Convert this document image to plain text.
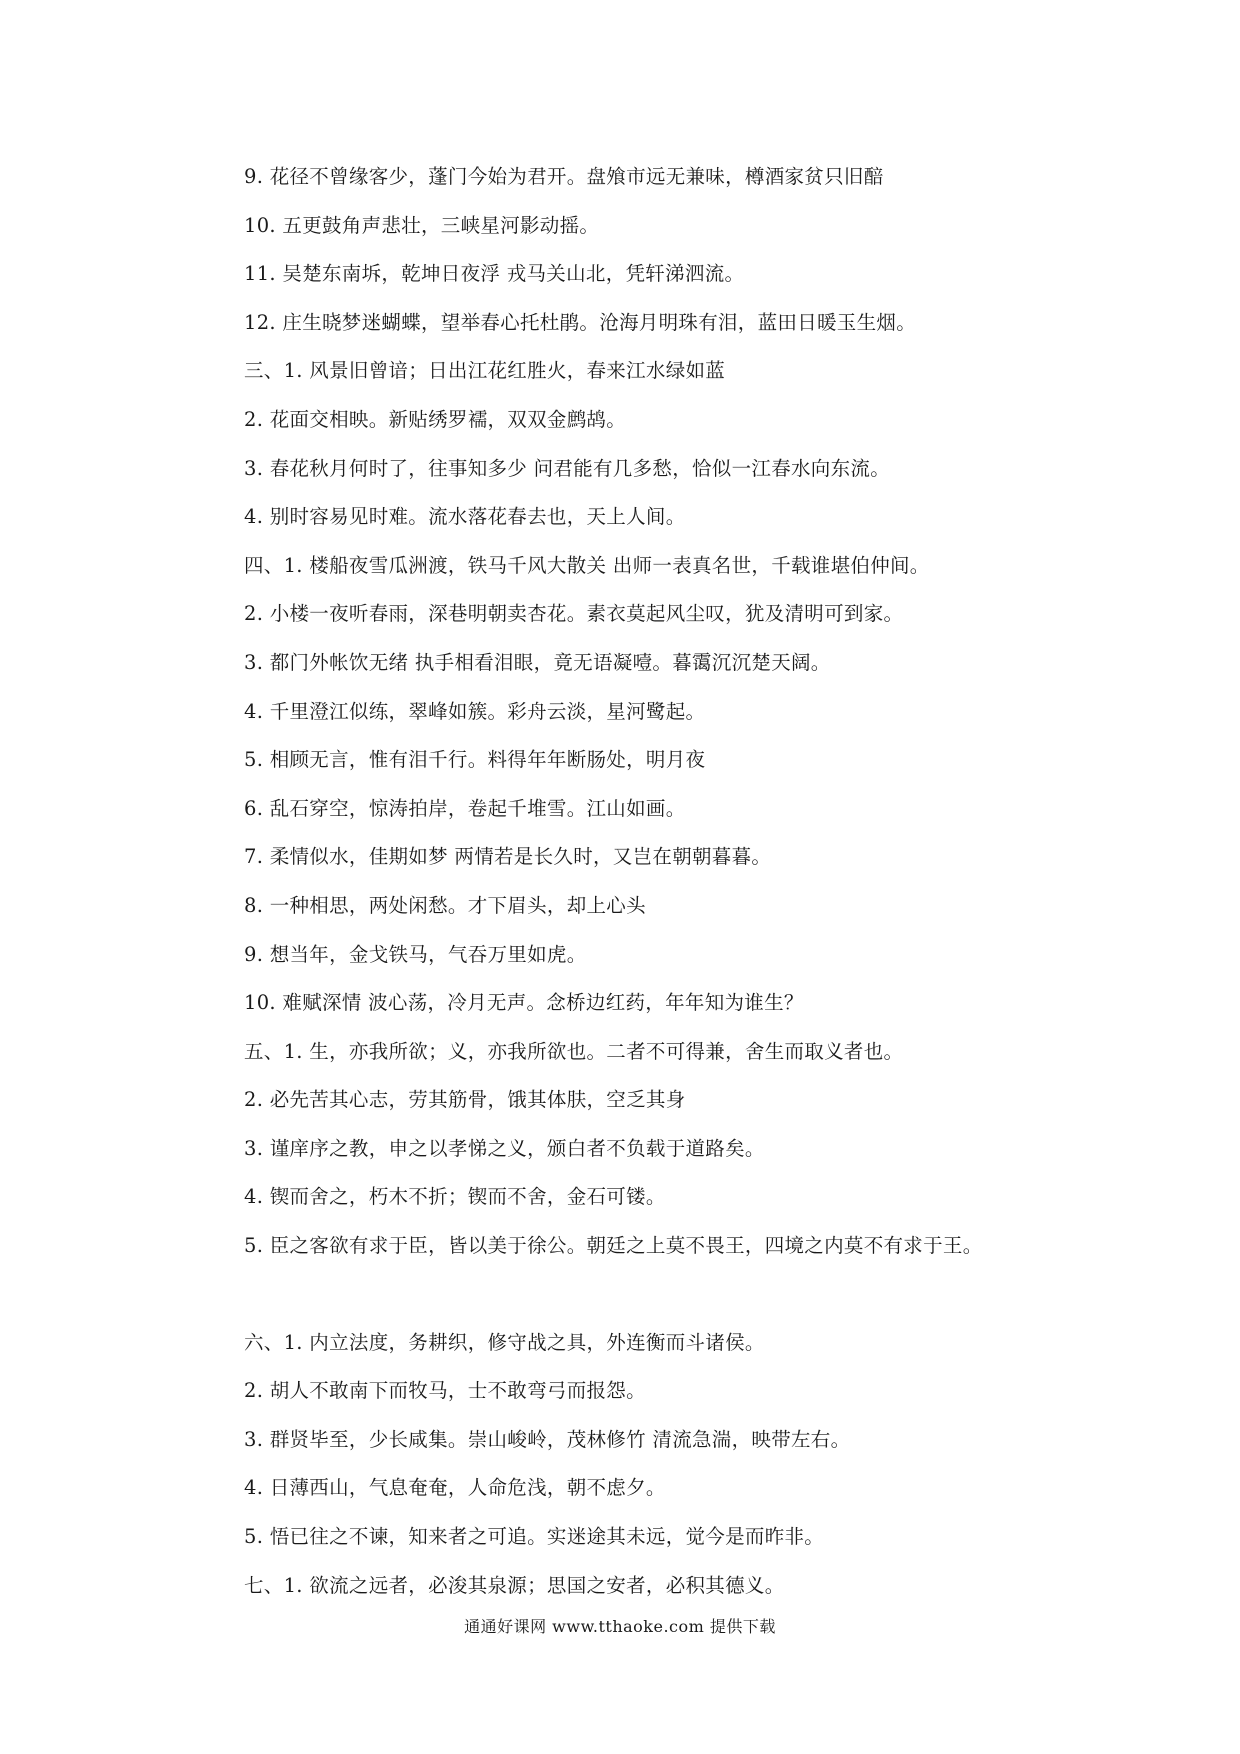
9. 花径不曾缘客少，蓬门今始为君开。盘飧市远无兼味，樽酒家贫只旧醅
10. 五更鼓角声悲壮，三峡星河影动摇。
11. 吴楚东南坼，乾坤日夜浮 戎马关山北，凭轩涕泗流。
12. 庄生晓梦迷蝴蝶，望举春心托杜鹃。沧海月明珠有泪，蓝田日暖玉生烟。
三、1. 风景旧曾谙；日出江花红胜火，春来江水绿如蓝
2. 花面交相映。新贴绣罗襦，双双金鹧鸪。
3. 春花秋月何时了，往事知多少 问君能有几多愁，恰似一江春水向东流。
4. 别时容易见时难。流水落花春去也，天上人间。
四、1. 楼船夜雪瓜洲渡，铁马千风大散关 出师一表真名世，千载谁堪伯仲间。
2. 小楼一夜听春雨，深巷明朝卖杏花。素衣莫起风尘叹，犹及清明可到家。
3. 都门外帐饮无绪 执手相看泪眼，竟无语凝噎。暮霭沉沉楚天阔。
4. 千里澄江似练，翠峰如簇。彩舟云淡，星河鹭起。
5. 相顾无言，惟有泪千行。料得年年断肠处，明月夜
6. 乱石穿空，惊涛拍岸，卷起千堆雪。江山如画。
7. 柔情似水，佳期如梦 两情若是长久时，又岂在朝朝暮暮。
8. 一种相思，两处闲愁。才下眉头，却上心头
9. 想当年，金戈铁马，气吞万里如虎。
10. 难赋深情 波心荡，冷月无声。念桥边红药，年年知为谁生？
五、1. 生，亦我所欲；义，亦我所欲也。二者不可得兼，舍生而取义者也。
2. 必先苦其心志，劳其筋骨，饿其体肤，空乏其身
3. 谨庠序之教，申之以孝悌之义，颁白者不负载于道路矣。
4. 锲而舍之，朽木不折；锲而不舍，金石可镂。
5. 臣之客欲有求于臣，皆以美于徐公。朝廷之上莫不畏王，四境之内莫不有求于王。
六、1. 内立法度，务耕织，修守战之具，外连衡而斗诸侯。
2. 胡人不敢南下而牧马，士不敢弯弓而报怨。
3. 群贤毕至，少长咸集。崇山峻岭，茂林修竹 清流急湍，映带左右。
4. 日薄西山，气息奄奄，人命危浅，朝不虑夕。
5. 悟已往之不谏，知来者之可追。实迷途其未远，觉今是而昨非。
七、1. 欲流之远者，必浚其泉源；思国之安者，必积其德义。
通通好课网 www.tthaoke.com 提供下载
